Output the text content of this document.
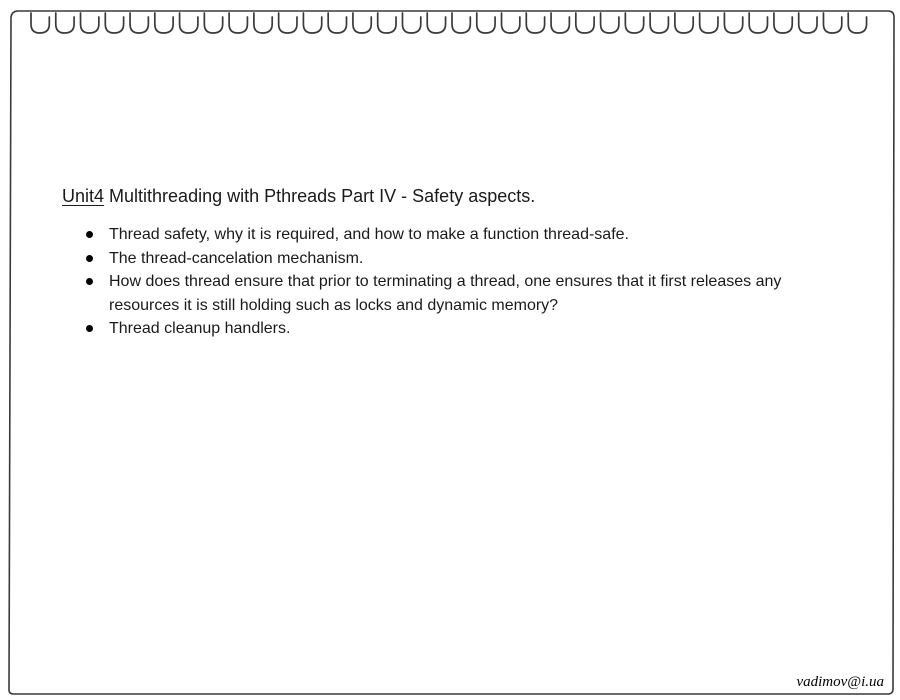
Unit4 Multithreading with Pthreads Part IV - Safety aspects.
Thread safety, why it is required, and how to make a function thread-safe.
The thread-cancelation mechanism.
How does thread ensure that prior to terminating a thread, one ensures that it first releases any resources it is still holding such as locks and dynamic memory?
Thread cleanup handlers.
vadimov@i.ua
